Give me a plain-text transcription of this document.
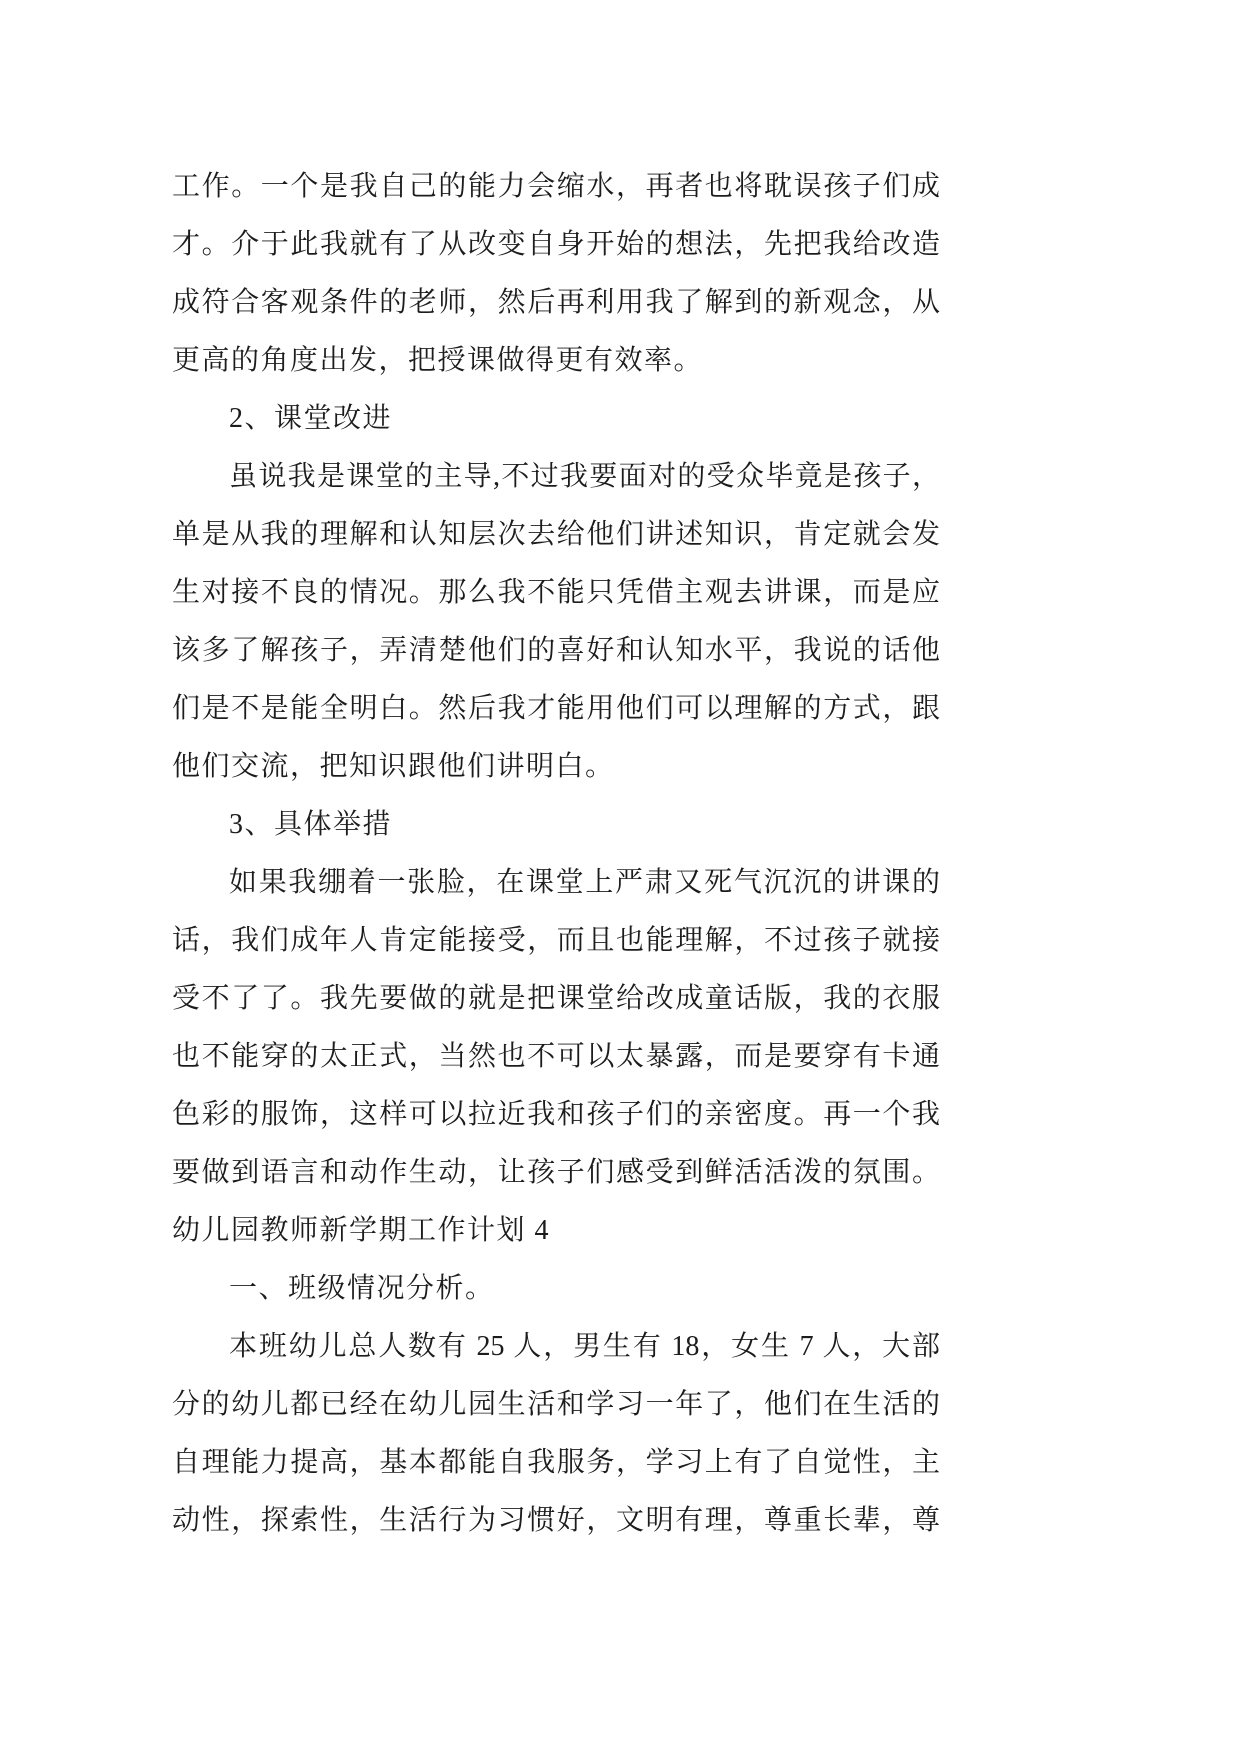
工作。一个是我自己的能力会缩水，再者也将耽误孩子们成
才。介于此我就有了从改变自身开始的想法，先把我给改造
成符合客观条件的老师，然后再利用我了解到的新观念，从
更高的角度出发，把授课做得更有效率。
2、课堂改进
虽说我是课堂的主导,不过我要面对的受众毕竟是孩子，
单是从我的理解和认知层次去给他们讲述知识，肯定就会发
生对接不良的情况。那么我不能只凭借主观去讲课，而是应
该多了解孩子，弄清楚他们的喜好和认知水平，我说的话他
们是不是能全明白。然后我才能用他们可以理解的方式，跟
他们交流，把知识跟他们讲明白。
3、具体举措
如果我绷着一张脸，在课堂上严肃又死气沉沉的讲课的
话，我们成年人肯定能接受，而且也能理解，不过孩子就接
受不了了。我先要做的就是把课堂给改成童话版，我的衣服
也不能穿的太正式，当然也不可以太暴露，而是要穿有卡通
色彩的服饰，这样可以拉近我和孩子们的亲密度。再一个我
要做到语言和动作生动，让孩子们感受到鲜活活泼的氛围。
幼儿园教师新学期工作计划 4
一、班级情况分析。
本班幼儿总人数有 25 人，男生有 18，女生 7 人，大部
分的幼儿都已经在幼儿园生活和学习一年了，他们在生活的
自理能力提高，基本都能自我服务，学习上有了自觉性，主
动性，探索性，生活行为习惯好，文明有理，尊重长辈，尊
